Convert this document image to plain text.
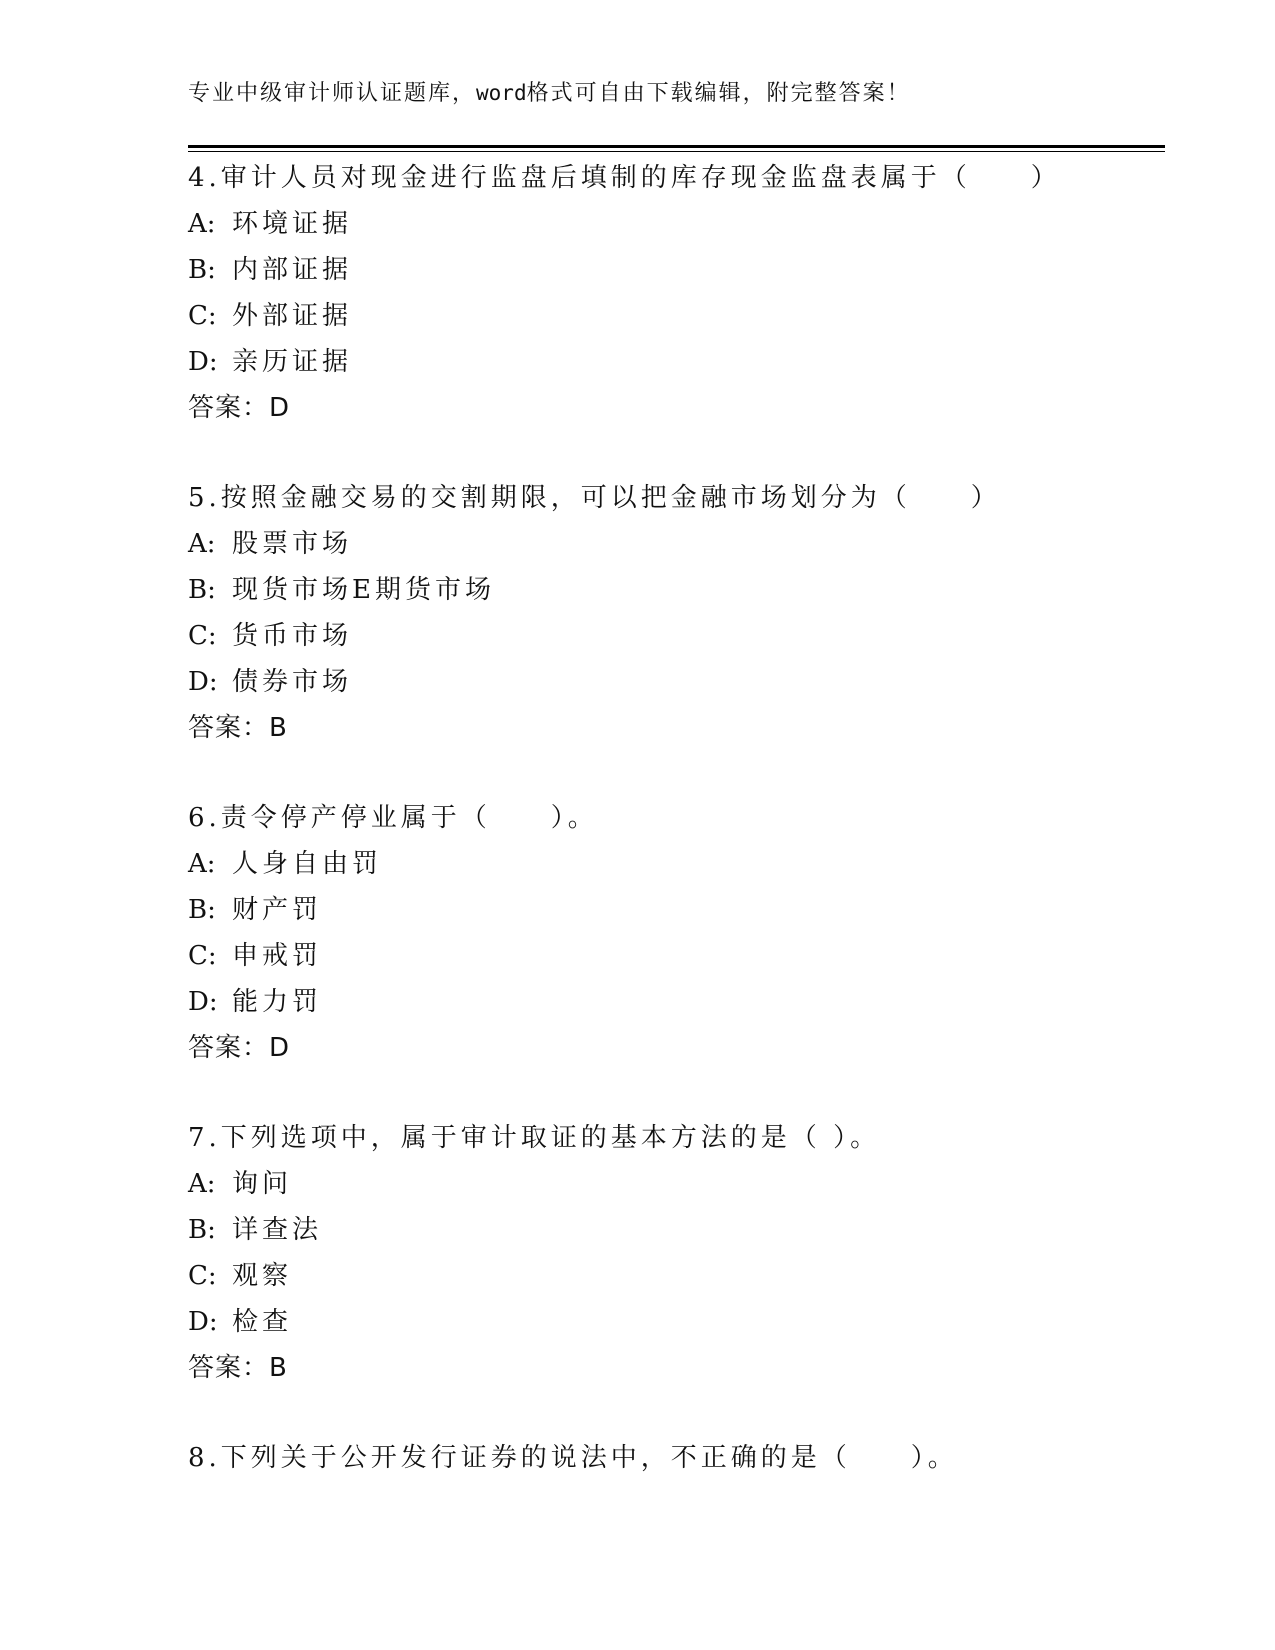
专业中级审计师认证题库，word格式可自由下载编辑，附完整答案！
4.审计人员对现金进行监盘后填制的库存现金监盘表属于（　　）
A: 环境证据
B: 内部证据
C: 外部证据
D: 亲历证据
答案：D
5.按照金融交易的交割期限，可以把金融市场划分为（　　）
A: 股票市场
B: 现货市场E期货市场
C: 货币市场
D: 债券市场
答案：B
6.责令停产停业属于（　　）。
A: 人身自由罚
B: 财产罚
C: 申戒罚
D: 能力罚
答案：D
7.下列选项中，属于审计取证的基本方法的是（ ）。
A: 询问
B: 详查法
C: 观察
D: 检查
答案：B
8.下列关于公开发行证券的说法中，不正确的是（　　）。
